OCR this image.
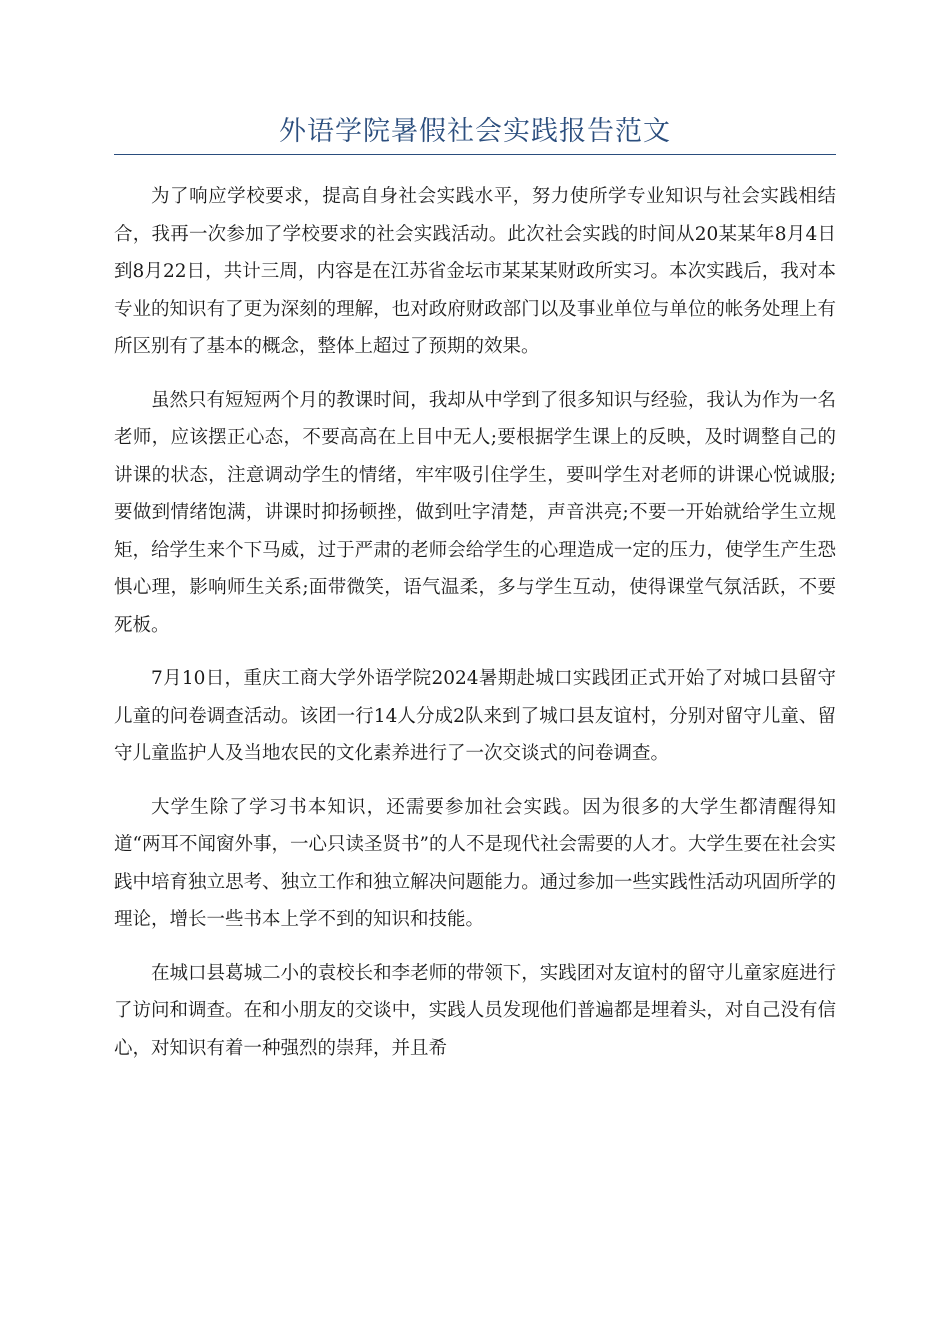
外语学院暑假社会实践报告范文

为了响应学校要求，提高自身社会实践水平，努力使所学专业知识与社会实践相结合，我再一次参加了学校要求的社会实践活动。此次社会实践的时间从20某某年8月4日到8月22日，共计三周，内容是在江苏省金坛市某某某财政所实习。本次实践后，我对本专业的知识有了更为深刻的理解，也对政府财政部门以及事业单位与单位的帐务处理上有所区别有了基本的概念，整体上超过了预期的效果。

虽然只有短短两个月的教课时间，我却从中学到了很多知识与经验，我认为作为一名老师，应该摆正心态，不要高高在上目中无人;要根据学生课上的反映，及时调整自己的讲课的状态，注意调动学生的情绪，牢牢吸引住学生，要叫学生对老师的讲课心悦诚服;要做到情绪饱满，讲课时抑扬顿挫，做到吐字清楚，声音洪亮;不要一开始就给学生立规矩，给学生来个下马威，过于严肃的老师会给学生的心理造成一定的压力，使学生产生恐惧心理，影响师生关系;面带微笑，语气温柔，多与学生互动，使得课堂气氛活跃，不要死板。

7月10日，重庆工商大学外语学院2024暑期赴城口实践团正式开始了对城口县留守儿童的问卷调查活动。该团一行14人分成2队来到了城口县友谊村，分别对留守儿童、留守儿童监护人及当地农民的文化素养进行了一次交谈式的问卷调查。

大学生除了学习书本知识，还需要参加社会实践。因为很多的大学生都清醒得知道“两耳不闻窗外事，一心只读圣贤书”的人不是现代社会需要的人才。大学生要在社会实践中培育独立思考、独立工作和独立解决问题能力。通过参加一些实践性活动巩固所学的理论，增长一些书本上学不到的知识和技能。

在城口县葛城二小的袁校长和李老师的带领下，实践团对友谊村的留守儿童家庭进行了访问和调查。在和小朋友的交谈中，实践人员发现他们普遍都是埋着头，对自己没有信心，对知识有着一种强烈的崇拜，并且希
